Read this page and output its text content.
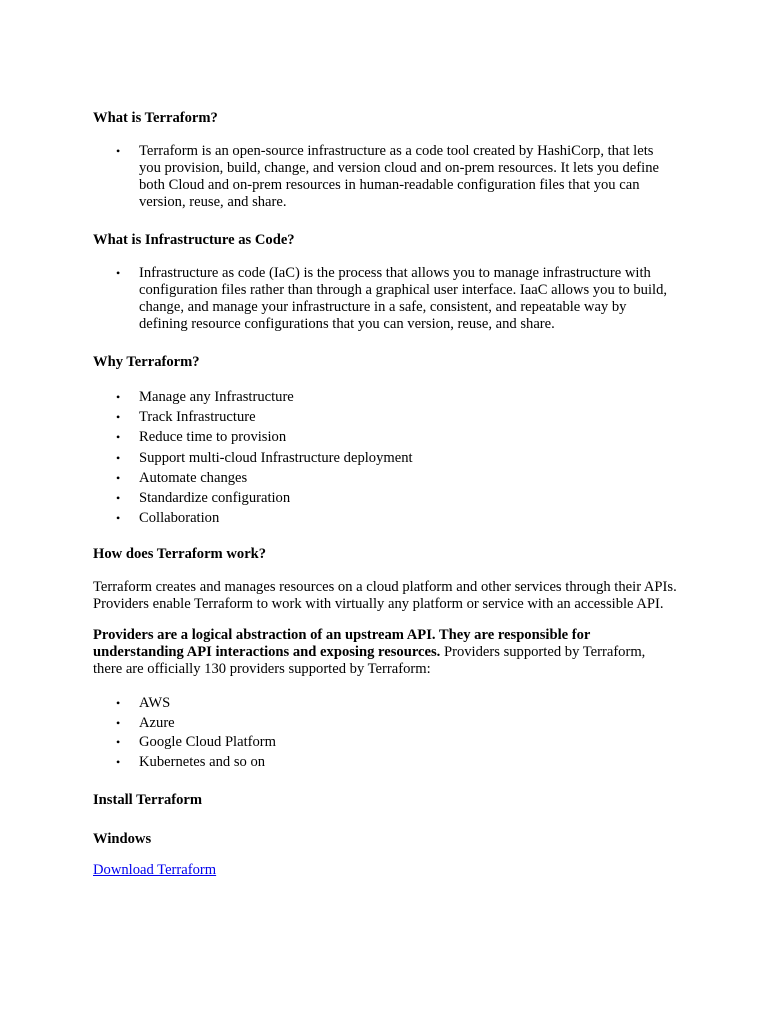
What is Terraform?
• Terraform is an open-source infrastructure as a code tool created by HashiCorp, that lets you provision, build, change, and version cloud and on-prem resources. It lets you define both Cloud and on-prem resources in human-readable configuration files that you can version, reuse, and share.
What is Infrastructure as Code?
• Infrastructure as code (IaC) is the process that allows you to manage infrastructure with configuration files rather than through a graphical user interface. IaaC allows you to build, change, and manage your infrastructure in a safe, consistent, and repeatable way by defining resource configurations that you can version, reuse, and share.
Why Terraform?
• Manage any Infrastructure
• Track Infrastructure
• Reduce time to provision
• Support multi-cloud Infrastructure deployment
• Automate changes
• Standardize configuration
• Collaboration
How does Terraform work?

Terraform creates and manages resources on a cloud platform and other services through their APIs. Providers enable Terraform to work with virtually any platform or service with an accessible API.

Providers are a logical abstraction of an upstream API. They are responsible for understanding API interactions and exposing resources. Providers supported by Terraform, there are officially 130 providers supported by Terraform:

• AWS
• Azure
• Google Cloud Platform
• Kubernetes and so on
Install Terraform
Windows

Download Terraform
